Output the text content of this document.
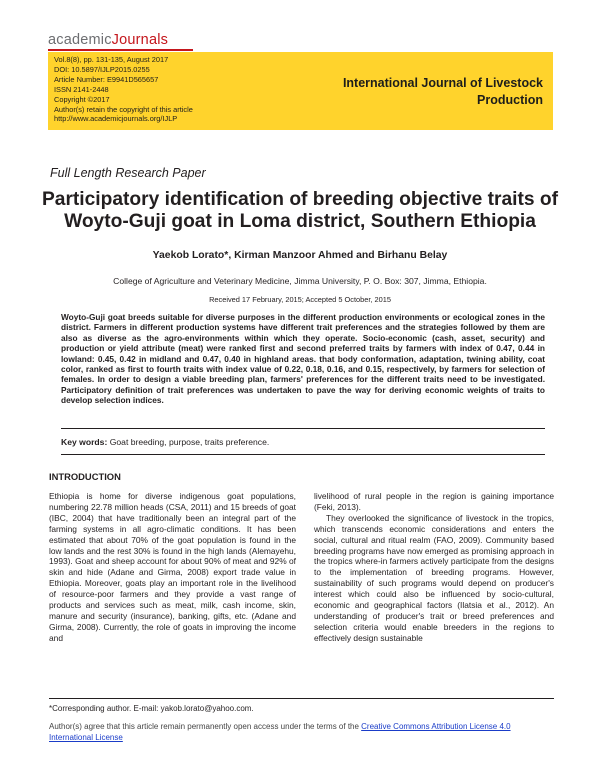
academicJournals
Vol.8(8), pp. 131-135, August 2017
DOI: 10.5897/IJLP2015.0255
Article Number: E9941D565657
ISSN 2141-2448
Copyright ©2017
Author(s) retain the copyright of this article
http://www.academicjournals.org/IJLP
International Journal of Livestock Production
Full Length Research Paper
Participatory identification of breeding objective traits of Woyto-Guji goat in Loma district, Southern Ethiopia
Yaekob Lorato*, Kirman Manzoor Ahmed and Birhanu Belay
College of Agriculture and Veterinary Medicine, Jimma University, P. O. Box: 307, Jimma, Ethiopia.
Received 17 February, 2015; Accepted 5 October, 2015
Woyto-Guji goat breeds suitable for diverse purposes in the different production environments or ecological zones in the district. Farmers in different production systems have different trait preferences and the strategies followed by them are also as diverse as the agro-environments within which they operate. Socio-economic (cash, asset, security) and production or yield attribute (meat) were ranked first and second preferred traits by farmers with index of 0.47, 0.44 in lowland: 0.45, 0.42 in midland and 0.47, 0.40 in highland areas. that body conformation, adaptation, twining ability, coat color, ranked as first to fourth traits with index value of 0.22, 0.18, 0.16, and 0.15, respectively, by farmers for selection of females. In order to design a viable breeding plan, farmers' preferences for the different traits need to be investigated. Participatory definition of trait preferences was undertaken to pave the way for deriving economic weights of traits to develop selection indices.
Key words: Goat breeding, purpose, traits preference.
INTRODUCTION

Ethiopia is home for diverse indigenous goat populations, numbering 22.78 million heads (CSA, 2011) and 15 breeds of goat (IBC, 2004) that have traditionally been an integral part of the farming systems in all agro-climatic conditions. It has been estimated that about 70% of the goat population is found in the low lands and the rest 30% is found in the high lands (Alemayehu, 1993). Goat and sheep account for about 90% of meat and 92% of skin and hide (Adane and Girma, 2008) export trade value in Ethiopia. Moreover, goats play an important role in the livelihood of resource-poor farmers and they provide a vast range of products and services such as meat, milk, cash income, skin, manure and security (insurance), banking, gifts, etc. (Adane and Girma, 2008). Currently, the role of goats in improving the income and

livelihood of rural people in the region is gaining importance (Feki, 2013).

They overlooked the significance of livestock in the tropics, which transcends economic considerations and enters the social, cultural and ritual realm (FAO, 2009). Community based breeding programs have now emerged as promising approach in the tropics where-in farmers actively participate from the designs to the implementation of breeding programs. However, sustainability of such programs would depend on producer's interest which could also be influenced by socio-cultural, economic and geographical factors (Ilatsia et al., 2012). An understanding of producer's trait or breed preferences and selection criteria would enable breeders in the regions to effectively design sustainable

*Corresponding author. E-mail: yakob.lorato@yahoo.com.
Author(s) agree that this article remain permanently open access under the terms of the Creative Commons Attribution License 4.0 International License
